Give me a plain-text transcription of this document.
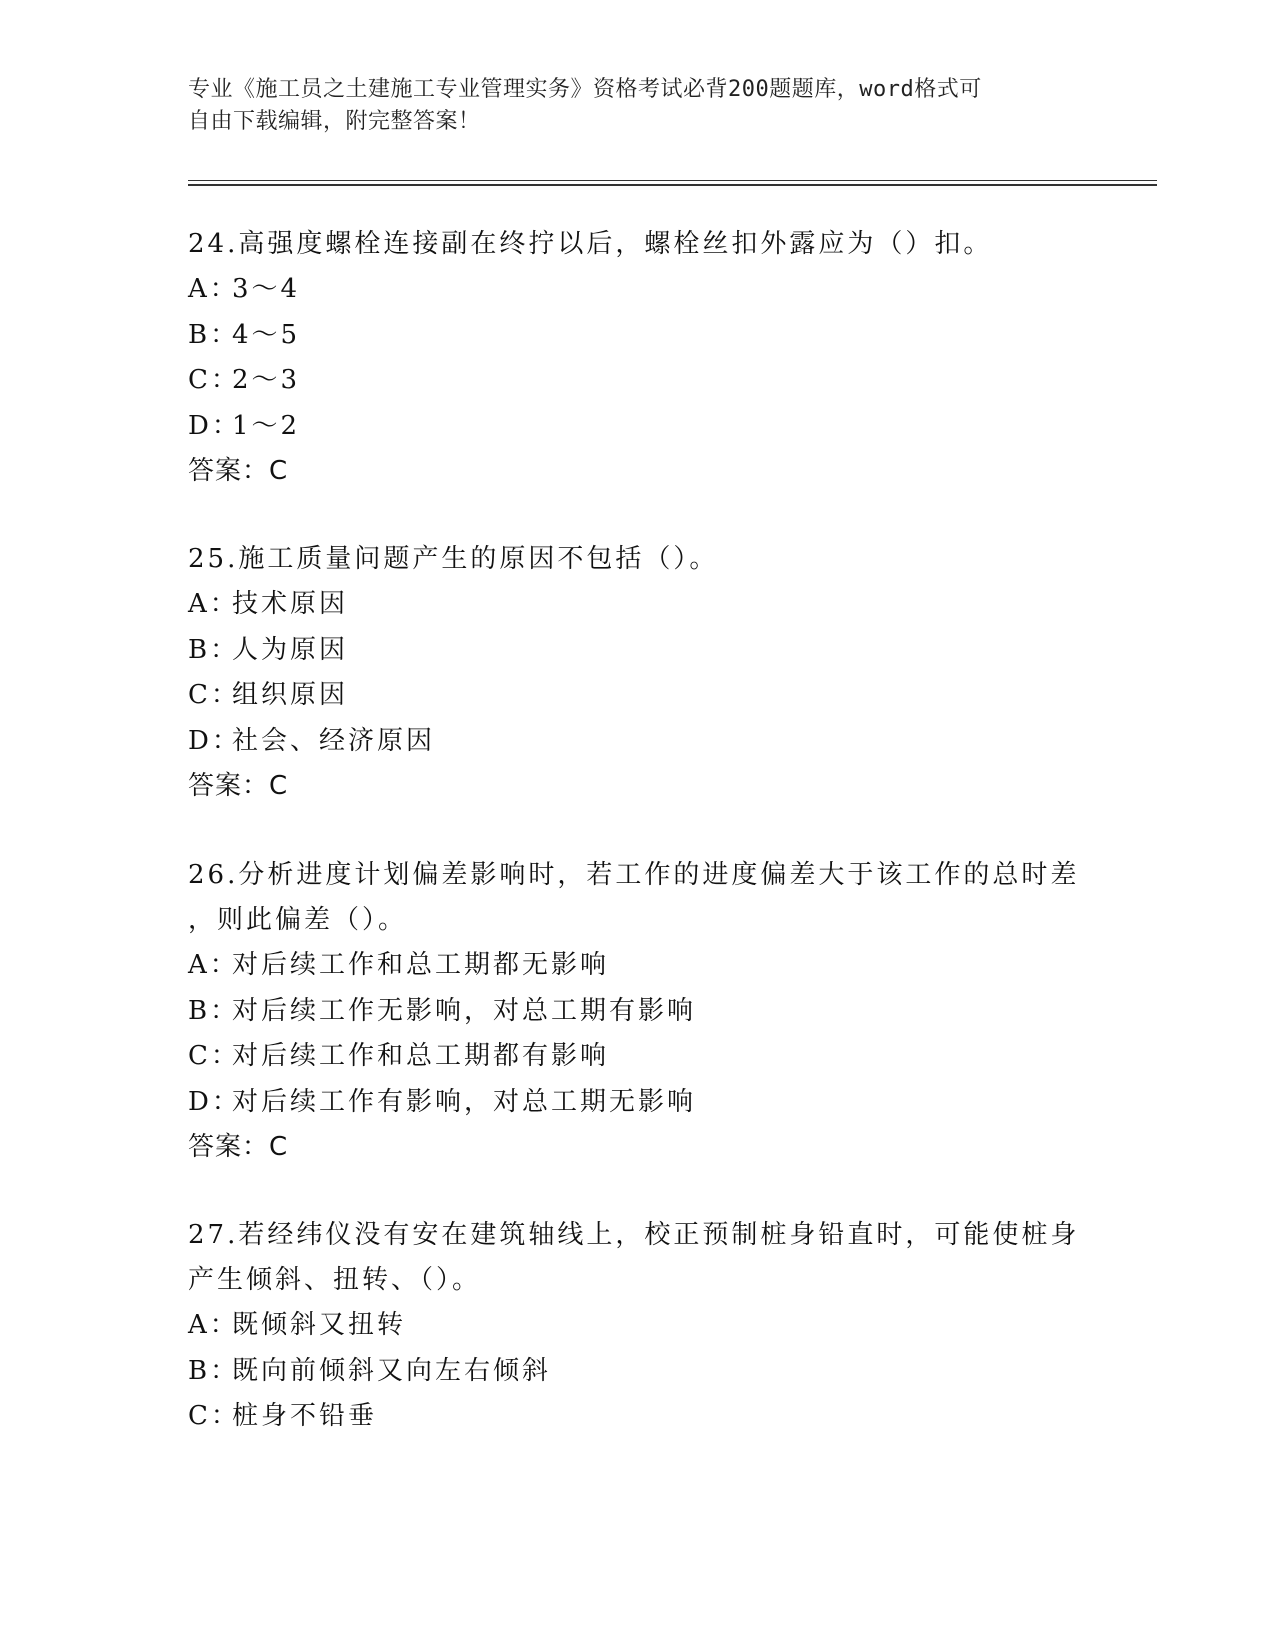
专业《施工员之土建施工专业管理实务》资格考试必背200题题库，word格式可
自由下载编辑，附完整答案！

24.高强度螺栓连接副在终拧以后，螺栓丝扣外露应为（）扣。

A：3～4

B：4～5

C：2～3

D：1～2

答案：C

25.施工质量问题产生的原因不包括（）。

A：技术原因

B：人为原因

C：组织原因

D：社会、经济原因

答案：C

26.分析进度计划偏差影响时，若工作的进度偏差大于该工作的总时差

，则此偏差（）。

A：对后续工作和总工期都无影响

B：对后续工作无影响，对总工期有影响

C：对后续工作和总工期都有影响

D：对后续工作有影响，对总工期无影响

答案：C

27.若经纬仪没有安在建筑轴线上，校正预制桩身铅直时，可能使桩身

产生倾斜、扭转、（）。

A：既倾斜又扭转

B：既向前倾斜又向左右倾斜

C：桩身不铅垂
